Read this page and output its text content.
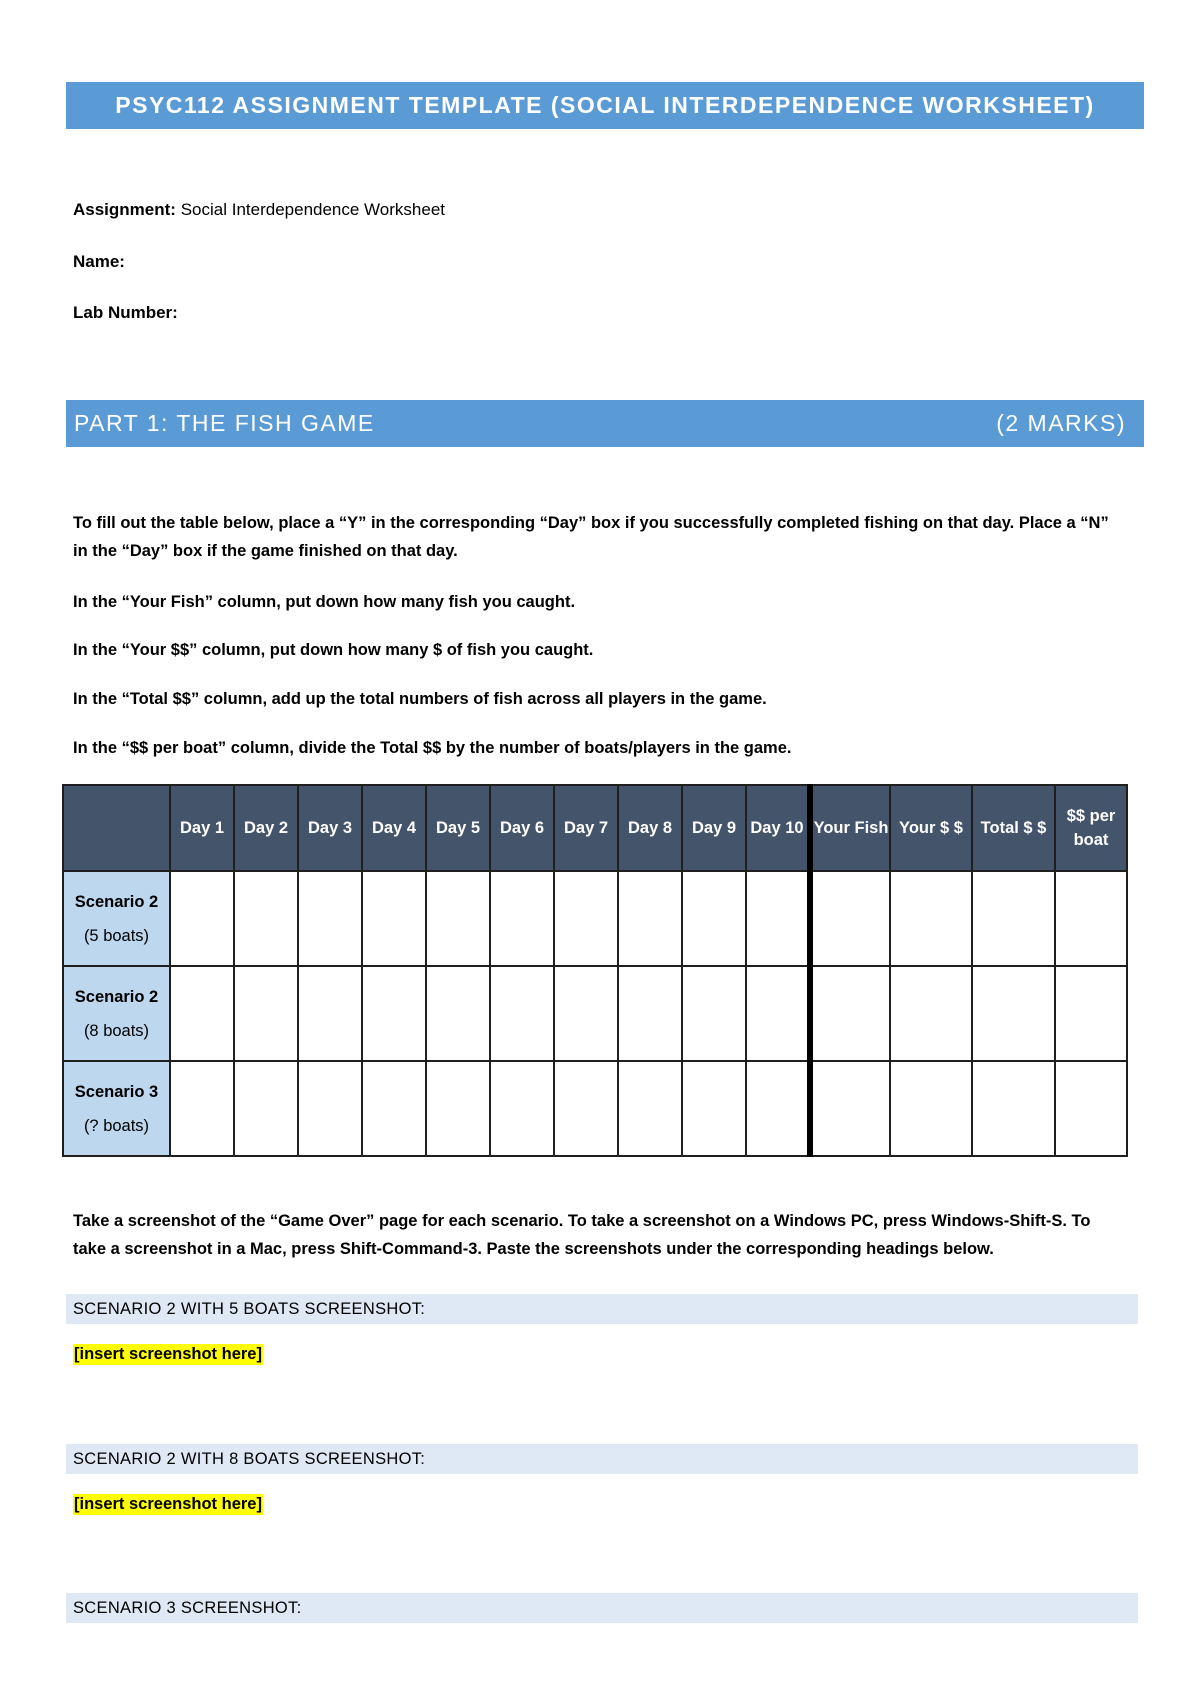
PSYC112 ASSIGNMENT TEMPLATE (SOCIAL INTERDEPENDENCE WORKSHEET)
Assignment: Social Interdependence Worksheet
Name:
Lab Number:
PART 1: THE FISH GAME	(2 MARKS)
To fill out the table below, place a “Y” in the corresponding “Day” box if you successfully completed fishing on that day. Place a “N” in the “Day” box if the game finished on that day.
In the “Your Fish” column, put down how many fish you caught.
In the “Your $$” column, put down how many $ of fish you caught.
In the “Total $$” column, add up the total numbers of fish across all players in the game.
In the “$$ per boat” column, divide the Total $$ by the number of boats/players in the game.
	Day 1	Day 2	Day 3	Day 4	Day 5	Day 6	Day 7	Day 8	Day 9	Day 10	Your Fish	Your $ $	Total $ $	$$ per boat
Scenario 2
(5 boats)														

Scenario 2
(8 boats)														

Scenario 3
(? boats)														

Take a screenshot of the “Game Over” page for each scenario. To take a screenshot on a Windows PC, press Windows-Shift-S. To take a screenshot in a Mac, press Shift-Command-3. Paste the screenshots under the corresponding headings below.
SCENARIO 2 WITH 5 BOATS SCREENSHOT:
[insert screenshot here]
SCENARIO 2 WITH 8 BOATS SCREENSHOT:
[insert screenshot here]
SCENARIO 3 SCREENSHOT:
